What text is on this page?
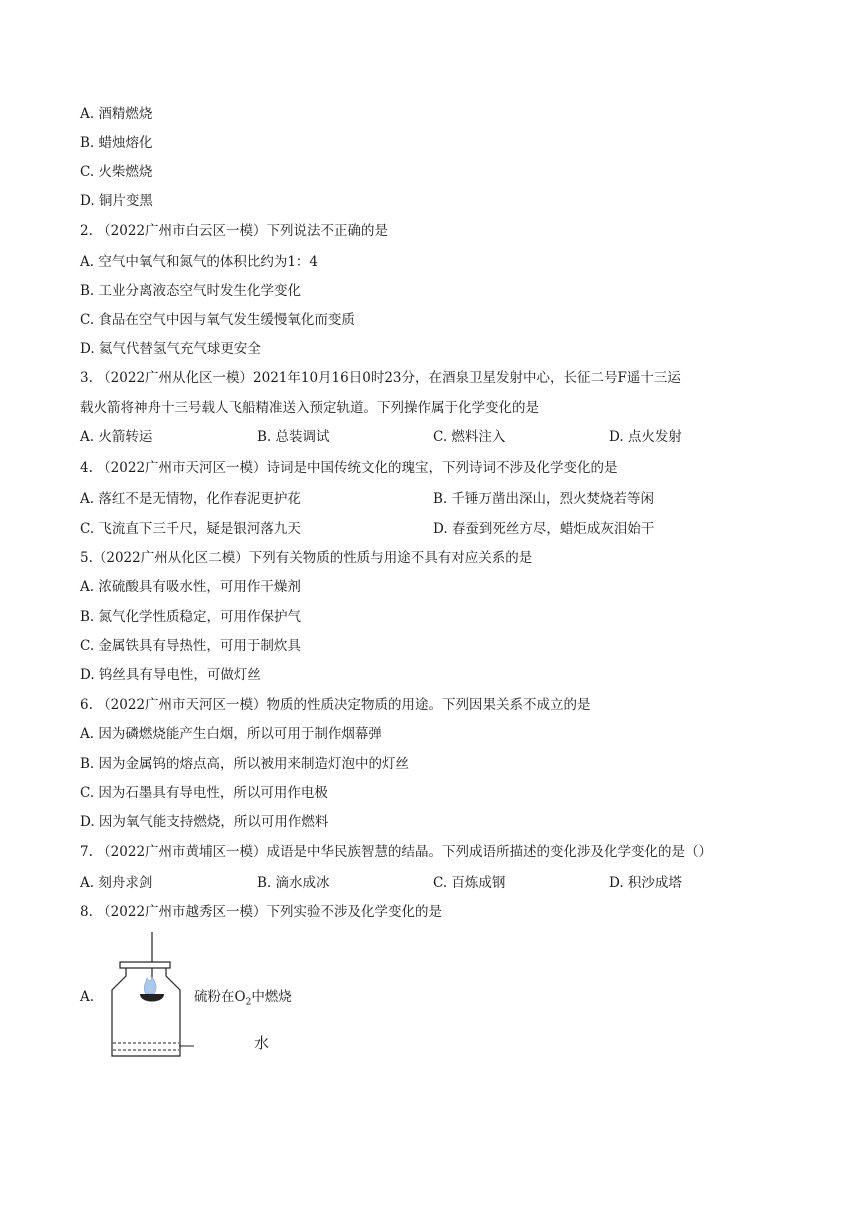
A. 酒精燃烧
B. 蜡烛熔化
C. 火柴燃烧
D. 铜片变黑
2. （2022广州市白云区一模）下列说法不正确的是
A. 空气中氧气和氮气的体积比约为1：4
B. 工业分离液态空气时发生化学变化
C. 食品在空气中因与氧气发生缓慢氧化而变质
D. 氦气代替氢气充气球更安全
3. （2022广州从化区一模）2021年10月16日0时23分，在酒泉卫星发射中心，长征二号F遥十三运
载火箭将神舟十三号载人飞船精准送入预定轨道。下列操作属于化学变化的是
A. 火箭转运	B. 总装调试	C. 燃料注入	D. 点火发射
4. （2022广州市天河区一模）诗词是中国传统文化的瑰宝，下列诗词不涉及化学变化的是
A. 落红不是无情物，化作春泥更护花	B. 千锤万凿出深山，烈火焚烧若等闲
C. 飞流直下三千尺，疑是银河落九天	D. 春蚕到死丝方尽，蜡炬成灰泪始干
5.（2022广州从化区二模）下列有关物质的性质与用途不具有对应关系的是
A. 浓硫酸具有吸水性，可用作干燥剂
B. 氮气化学性质稳定，可用作保护气
C. 金属铁具有导热性，可用于制炊具
D. 钨丝具有导电性，可做灯丝
6. （2022广州市天河区一模）物质的性质决定物质的用途。下列因果关系不成立的是
A. 因为磷燃烧能产生白烟，所以可用于制作烟幕弹
B. 因为金属钨的熔点高，所以被用来制造灯泡中的灯丝
C. 因为石墨具有导电性，所以可用作电极
D. 因为氧气能支持燃烧，所以可用作燃料
7. （2022广州市黄埔区一模）成语是中华民族智慧的结晶。下列成语所描述的变化涉及化学变化的是（）
A. 刻舟求剑	B. 滴水成冰	C. 百炼成钢	D. 积沙成塔
8. （2022广州市越秀区一模）下列实验不涉及化学变化的是
A.	硫粉在$O_2$中燃烧
水
